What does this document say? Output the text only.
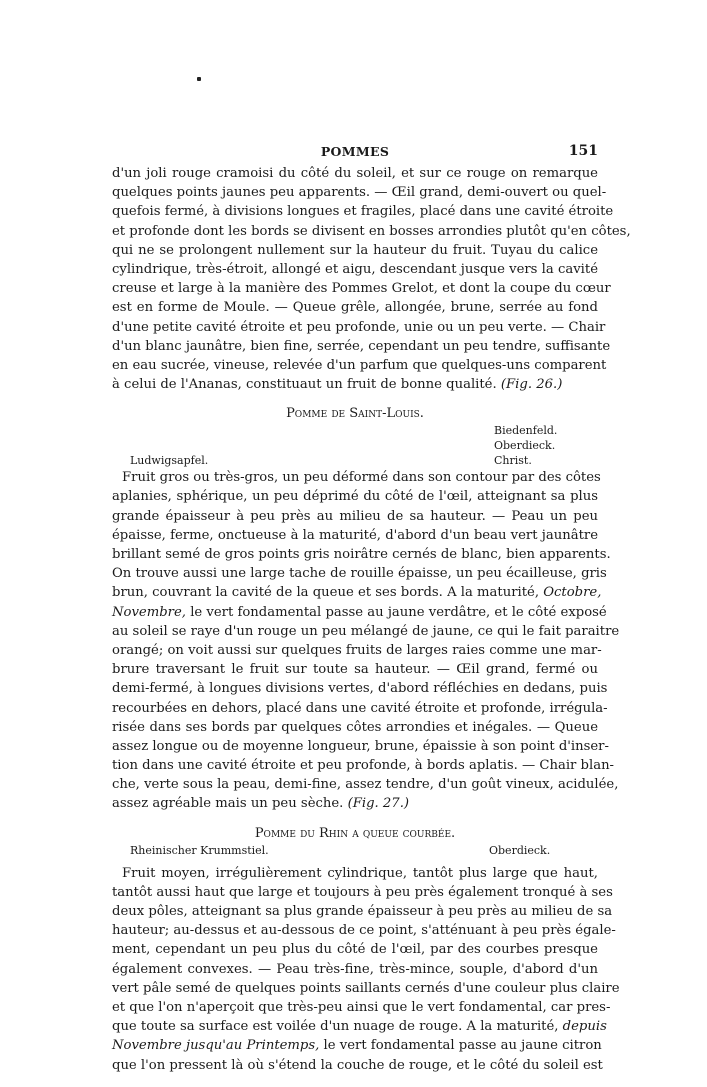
POMMES	151
d'un joli rouge cramoisi du côté du soleil, et sur ce rouge on remarque
quelques points jaunes peu apparents. — Œil grand, demi-ouvert ou quel-
quefois fermé, à divisions longues et fragiles, placé dans une cavité étroite
et profonde dont les bords se divisent en bosses arrondies plutôt qu'en côtes,
qui ne se prolongent nullement sur la hauteur du fruit. Tuyau du calice
cylindrique, très-étroit, allongé et aigu, descendant jusque vers la cavité
creuse et large à la manière des Pommes Grelot, et dont la coupe du cœur
est en forme de Moule. — Queue grêle, allongée, brune, serrée au fond
d'une petite cavité étroite et peu profonde, unie ou un peu verte. — Chair
d'un blanc jaunâtre, bien fine, serrée, cependant un peu tendre, suffisante
en eau sucrée, vineuse, relevée d'un parfum que quelques-uns comparent
à celui de l'Ananas, constituaut un fruit de bonne qualité. (Fig. 26.)
Pomme de Saint-Louis.
Biedenfeld.
Oberdieck.
Ludwigsapfel.	Christ.
Fruit gros ou très-gros, un peu déformé dans son contour par des côtes
aplanies, sphérique, un peu déprimé du côté de l'œil, atteignant sa plus
grande épaisseur à peu près au milieu de sa hauteur. — Peau un peu
épaisse, ferme, onctueuse à la maturité, d'abord d'un beau vert jaunâtre
brillant semé de gros points gris noirâtre cernés de blanc, bien apparents.
On trouve aussi une large tache de rouille épaisse, un peu écailleuse, gris
brun, couvrant la cavité de la queue et ses bords. A la maturité, Octobre,
Novembre, le vert fondamental passe au jaune verdâtre, et le côté exposé
au soleil se raye d'un rouge un peu mélangé de jaune, ce qui le fait paraitre
orangé; on voit aussi sur quelques fruits de larges raies comme une mar-
brure traversant le fruit sur toute sa hauteur. — Œil grand, fermé ou
demi-fermé, à longues divisions vertes, d'abord réfléchies en dedans, puis
recourbées en dehors, placé dans une cavité étroite et profonde, irrégula-
risée dans ses bords par quelques côtes arrondies et inégales. — Queue
assez longue ou de moyenne longueur, brune, épaissie à son point d'inser-
tion dans une cavité étroite et peu profonde, à bords aplatis. — Chair blan-
che, verte sous la peau, demi-fine, assez tendre, d'un goût vineux, acidulée,
assez agréable mais un peu sèche. (Fig. 27.)
Pomme du Rhin a queue courbée.
Rheinischer Krummstiel.	Oberdieck.
Fruit moyen, irrégulièrement cylindrique, tantôt plus large que haut,
tantôt aussi haut que large et toujours à peu près également tronqué à ses
deux pôles, atteignant sa plus grande épaisseur à peu près au milieu de sa
hauteur; au-dessus et au-dessous de ce point, s'atténuant à peu près égale-
ment, cependant un peu plus du côté de l'œil, par des courbes presque
également convexes. — Peau très-fine, très-mince, souple, d'abord d'un
vert pâle semé de quelques points saillants cernés d'une couleur plus claire
et que l'on n'aperçoit que très-peu ainsi que le vert fondamental, car pres-
que toute sa surface est voilée d'un nuage de rouge. A la maturité, depuis
Novembre jusqu'au Printemps, le vert fondamental passe au jaune citron
que l'on pressent là où s'étend la couche de rouge, et le côté du soleil est
